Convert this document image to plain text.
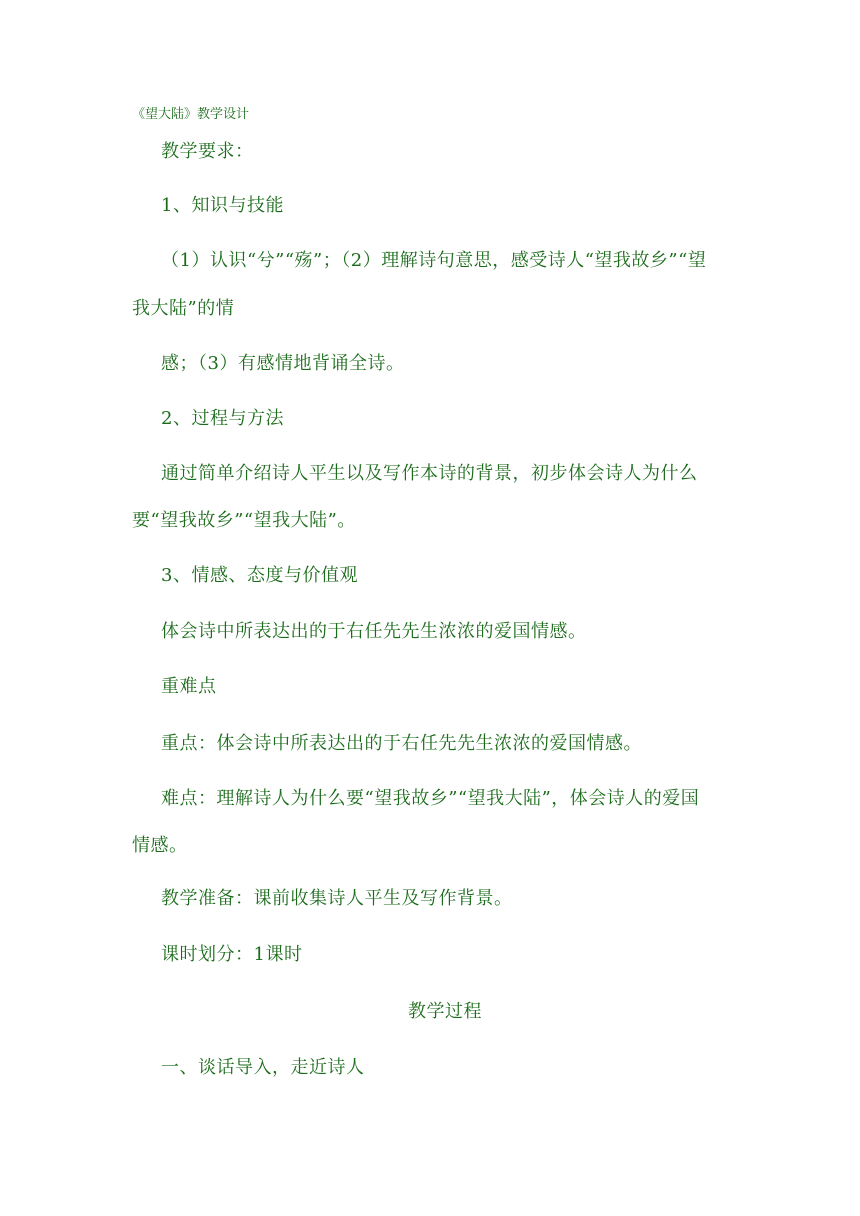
《望大陆》教学设计
教学要求：
1、知识与技能
（1）认识“兮”“殇”；（2）理解诗句意思，感受诗人“望我故乡”“望
我大陆”的情
感；（3）有感情地背诵全诗。
2、过程与方法
通过简单介绍诗人平生以及写作本诗的背景，初步体会诗人为什么
要“望我故乡”“望我大陆”。
3、情感、态度与价值观
体会诗中所表达出的于右任先先生浓浓的爱国情感。
重难点
重点：体会诗中所表达出的于右任先先生浓浓的爱国情感。
难点：理解诗人为什么要“望我故乡”“望我大陆”，体会诗人的爱国
情感。
教学准备：课前收集诗人平生及写作背景。
课时划分：1课时
教学过程
一、谈话导入，走近诗人
